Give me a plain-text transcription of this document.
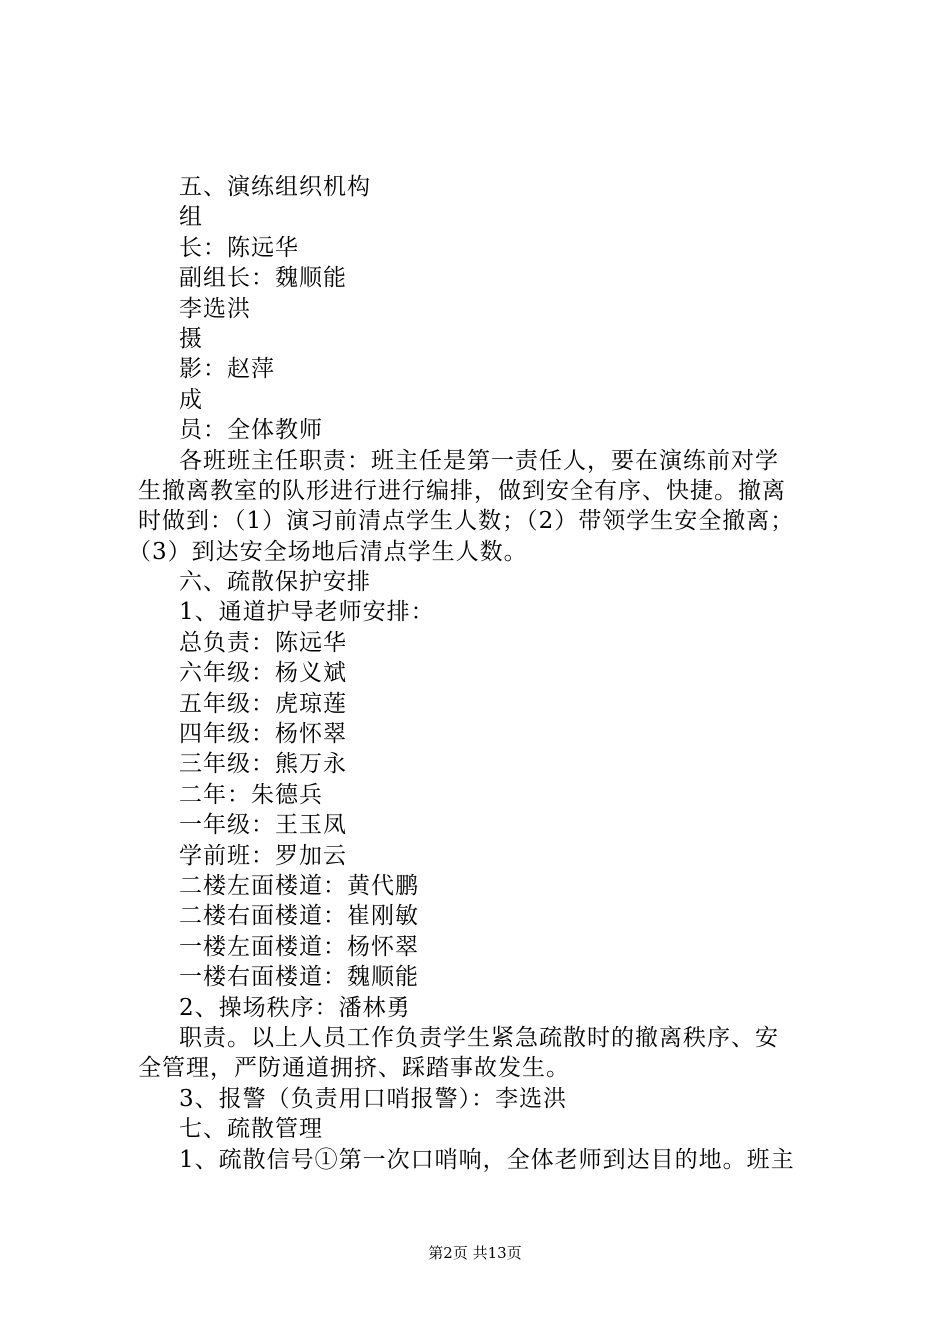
五、演练组织机构
组
长：陈远华
副组长：魏顺能
李选洪
摄
影：赵萍
成
员：全体教师
各班班主任职责：班主任是第一责任人，要在演练前对学
生撤离教室的队形进行进行编排，做到安全有序、快捷。撤离
时做到：（1）演习前清点学生人数；（2）带领学生安全撤离；
（3）到达安全场地后清点学生人数。
六、疏散保护安排
1、通道护导老师安排：
总负责：陈远华
六年级：杨义斌
五年级：虎琼莲
四年级：杨怀翠
三年级：熊万永
二年：朱德兵
一年级：王玉凤
学前班：罗加云
二楼左面楼道：黄代鹏
二楼右面楼道：崔刚敏
一楼左面楼道：杨怀翠
一楼右面楼道：魏顺能
2、操场秩序：潘林勇
职责。以上人员工作负责学生紧急疏散时的撤离秩序、安
全管理，严防通道拥挤、踩踏事故发生。
3、报警（负责用口哨报警）：李选洪
七、疏散管理
1、疏散信号①第一次口哨响，全体老师到达目的地。班主
第2页 共13页
